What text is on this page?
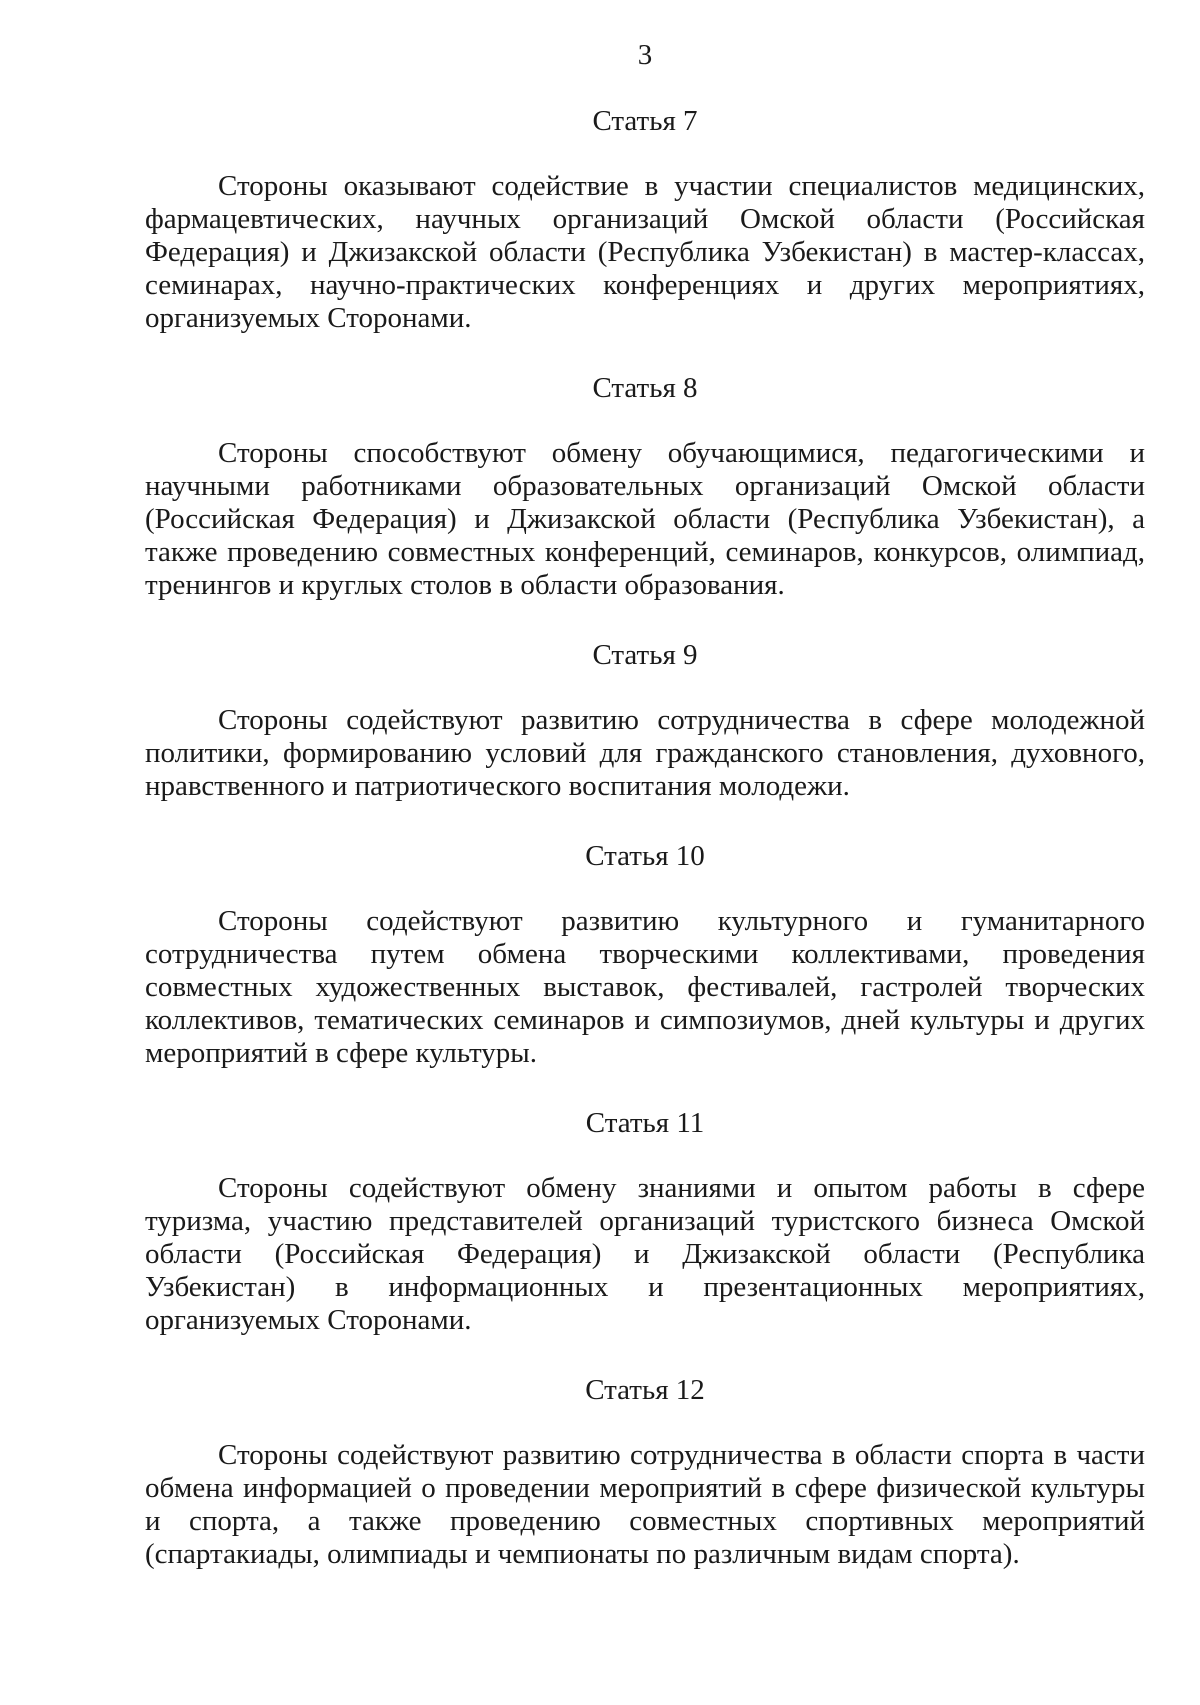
3

Статья 7

Стороны оказывают содействие в участии специалистов медицинских, фармацевтических, научных организаций Омской области (Российская Федерация) и Джизакской области (Республика Узбекистан) в мастер-классах, семинарах, научно-практических конференциях и других мероприятиях, организуемых Сторонами.

Статья 8

Стороны способствуют обмену обучающимися, педагогическими и научными работниками образовательных организаций Омской области (Российская Федерация) и Джизакской области (Республика Узбекистан), а также проведению совместных конференций, семинаров, конкурсов, олимпиад, тренингов и круглых столов в области образования.

Статья 9

Стороны содействуют развитию сотрудничества в сфере молодежной политики, формированию условий для гражданского становления, духовного, нравственного и патриотического воспитания молодежи.

Статья 10

Стороны содействуют развитию культурного и гуманитарного сотрудничества путем обмена творческими коллективами, проведения совместных художественных выставок, фестивалей, гастролей творческих коллективов, тематических семинаров и симпозиумов, дней культуры и других мероприятий в сфере культуры.

Статья 11

Стороны содействуют обмену знаниями и опытом работы в сфере туризма, участию представителей организаций туристского бизнеса Омской области (Российская Федерация) и Джизакской области (Республика Узбекистан) в информационных и презентационных мероприятиях, организуемых Сторонами.

Статья 12

Стороны содействуют развитию сотрудничества в области спорта в части обмена информацией о проведении мероприятий в сфере физической культуры и спорта, а также проведению совместных спортивных мероприятий (спартакиады, олимпиады и чемпионаты по различным видам спорта).
